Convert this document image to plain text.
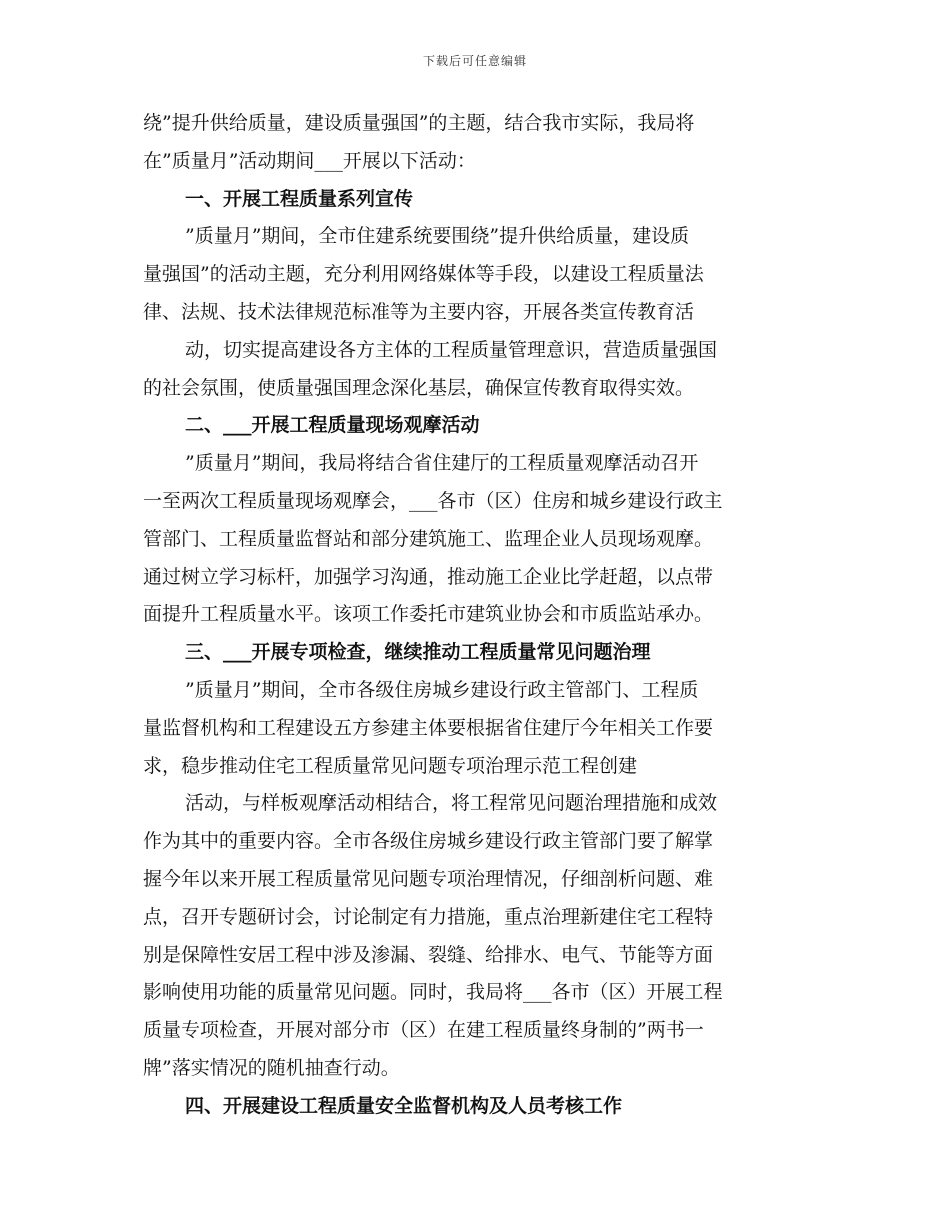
下载后可任意编辑

绕”提升供给质量，建设质量强国”的主题，结合我市实际，我局将

在”质量月”活动期间___开展以下活动：

一、开展工程质量系列宣传

”质量月”期间，全市住建系统要围绕”提升供给质量，建设质

量强国”的活动主题，充分利用网络媒体等手段，以建设工程质量法

律、法规、技术法律规范标准等为主要内容，开展各类宣传教育活

动，切实提高建设各方主体的工程质量管理意识，营造质量强国

的社会氛围，使质量强国理念深化基层，确保宣传教育取得实效。

二、___开展工程质量现场观摩活动

”质量月”期间，我局将结合省住建厅的工程质量观摩活动召开

一至两次工程质量现场观摩会，___各市（区）住房和城乡建设行政主

管部门、工程质量监督站和部分建筑施工、监理企业人员现场观摩。

通过树立学习标杆，加强学习沟通，推动施工企业比学赶超，以点带

面提升工程质量水平。该项工作委托市建筑业协会和市质监站承办。

三、___开展专项检查，继续推动工程质量常见问题治理

”质量月”期间，全市各级住房城乡建设行政主管部门、工程质

量监督机构和工程建设五方参建主体要根据省住建厅今年相关工作要

求，稳步推动住宅工程质量常见问题专项治理示范工程创建

活动，与样板观摩活动相结合，将工程常见问题治理措施和成效

作为其中的重要内容。全市各级住房城乡建设行政主管部门要了解掌

握今年以来开展工程质量常见问题专项治理情况，仔细剖析问题、难

点，召开专题研讨会，讨论制定有力措施，重点治理新建住宅工程特

别是保障性安居工程中涉及渗漏、裂缝、给排水、电气、节能等方面

影响使用功能的质量常见问题。同时，我局将___各市（区）开展工程

质量专项检查，开展对部分市（区）在建工程质量终身制的”两书一

牌”落实情况的随机抽查行动。

四、开展建设工程质量安全监督机构及人员考核工作
